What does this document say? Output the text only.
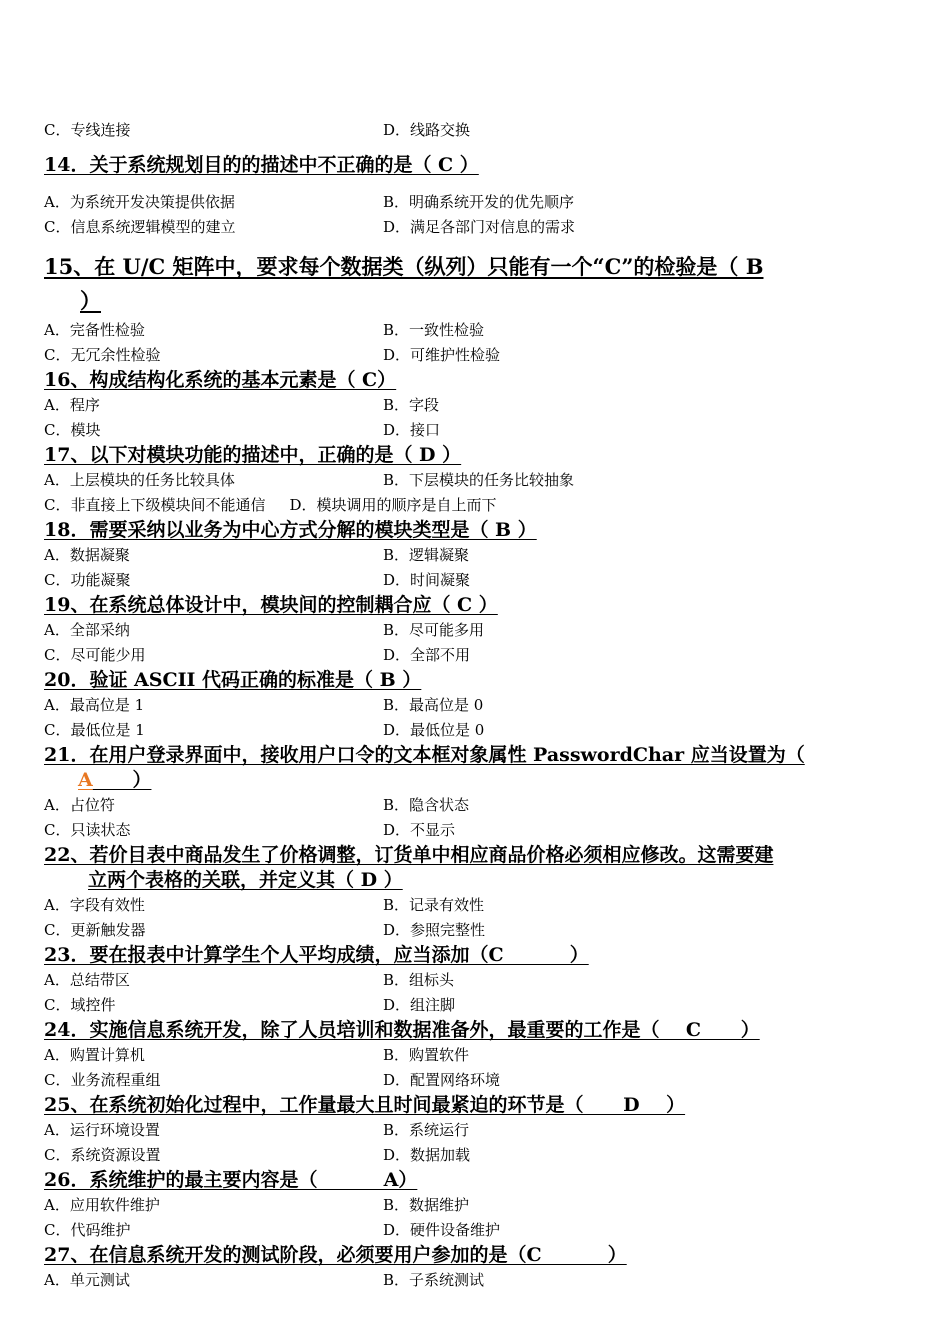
C．专线连接	D．线路交换
14．关于系统规划目的的描述中不正确的是（ C ）
A．为系统开发决策提供依据	B．明确系统开发的优先顺序
C．信息系统逻辑模型的建立	D．满足各部门对信息的需求
15、在 U/C 矩阵中，要求每个数据类（纵列）只能有一个“C”的检验是（ B
）
A．完备性检验	B．一致性检验
C．无冗余性检验	D．可维护性检验
16、构成结构化系统的基本元素是（ C）
A．程序	B．字段
C．模块	D．接口
17、以下对模块功能的描述中，正确的是（ D ）
A．上层模块的任务比较具体	B．下层模块的任务比较抽象
C．非直接上下级模块间不能通信 D．模块调用的顺序是自上而下
18．需要采纳以业务为中心方式分解的模块类型是（ B ）
A．数据凝聚	B．逻辑凝聚
C．功能凝聚	D．时间凝聚
19、在系统总体设计中，模块间的控制耦合应（ C ）
A．全部采纳	B．尽可能多用
C．尽可能少用	D．全部不用
20．验证 ASCII 代码正确的标准是（ B ）
A．最高位是 1	B．最高位是 0
C．最低位是 1	D．最低位是 0
21．在用户登录界面中，接收用户口令的文本框对象属性 PasswordChar 应当设置为（
A      ）
A．占位符	B．隐含状态
C．只读状态	D．不显示
22、若价目表中商品发生了价格调整，订货单中相应商品价格必须相应修改。这需要建
立两个表格的关联，并定义其（ D ）
A．字段有效性	B．记录有效性
C．更新触发器	D．参照完整性
23．要在报表中计算学生个人平均成绩，应当添加（C          ）
A．总结带区	B．组标头
C．域控件	D．组注脚
24．实施信息系统开发，除了人员培训和数据准备外，最重要的工作是（    C      ）
A．购置计算机	B．购置软件
C．业务流程重组	D．配置网络环境
25、在系统初始化过程中，工作量最大且时间最紧迫的环节是（      D    ）
A．运行环境设置	B．系统运行
C．系统资源设置	D．数据加载
26．系统维护的最主要内容是（          A）
A．应用软件维护	B．数据维护
C．代码维护	D．硬件设备维护
27、在信息系统开发的测试阶段，必须要用户参加的是（C          ）
A．单元测试	B．子系统测试
